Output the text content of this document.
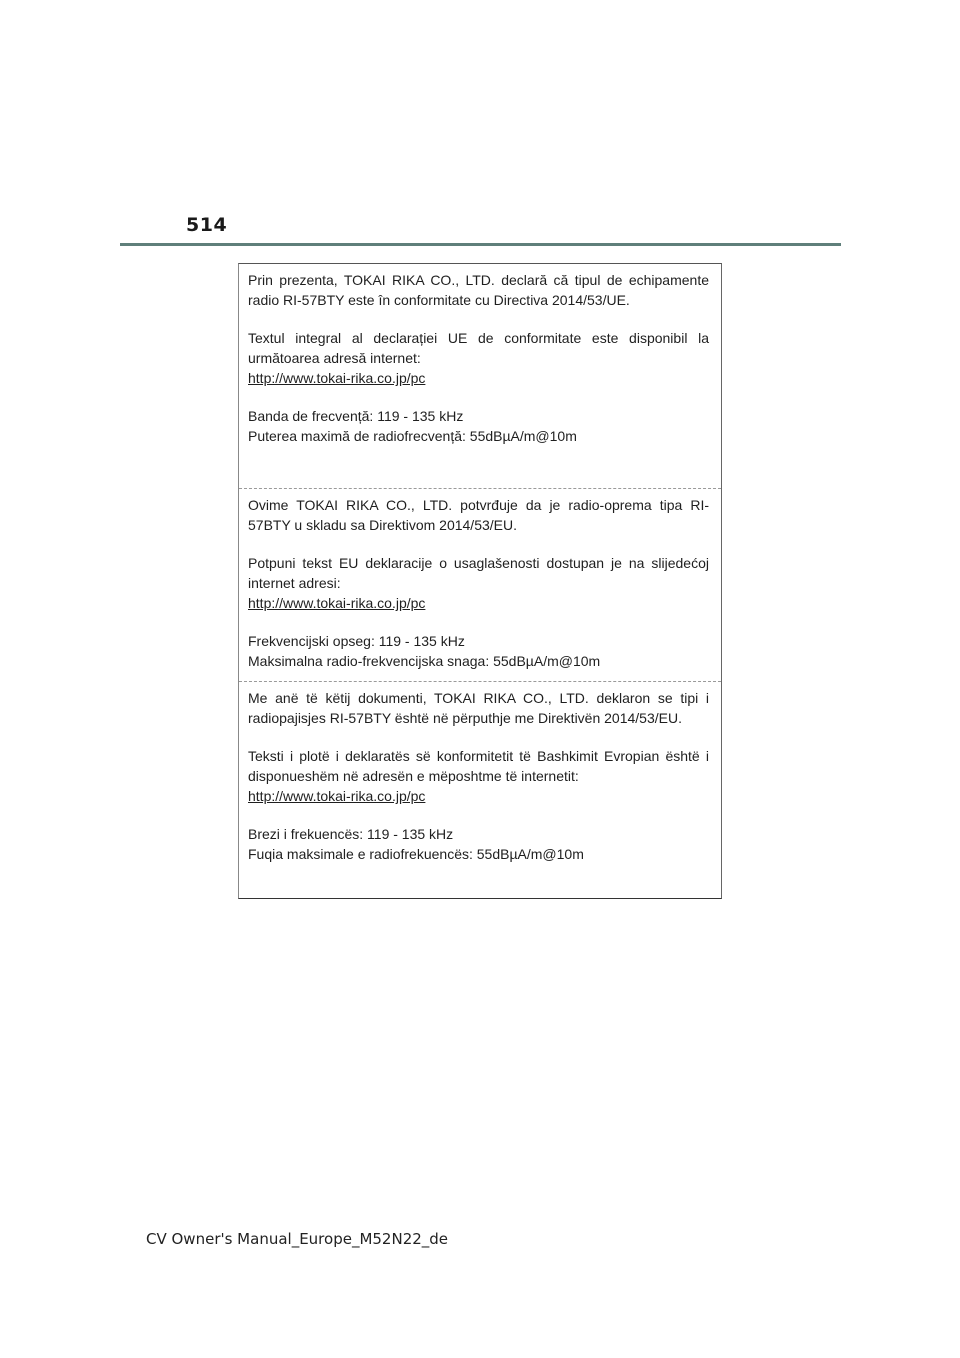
514

Prin prezenta, TOKAI RIKA CO., LTD. declară că tipul de echipamente radio RI-57BTY este în conformitate cu Directiva 2014/53/UE.

Textul integral al declarației UE de conformitate este disponibil la următoarea adresă internet:

http://www.tokai-rika.co.jp/pc
Banda de frecvență: 119 - 135 kHz
Puterea maximă de radiofrecvență: 55dBµA/m@10m

Ovime TOKAI RIKA CO., LTD. potvrđuje da je radio-oprema tipa RI-57BTY u skladu sa Direktivom 2014/53/EU.

Potpuni tekst EU deklaracije o usaglašenosti dostupan je na slijedećoj internet adresi:

http://www.tokai-rika.co.jp/pc
Frekvencijski opseg: 119 - 135 kHz
Maksimalna radio-frekvencijska snaga: 55dBµA/m@10m

Me anë të këtij dokumenti, TOKAI RIKA CO., LTD. deklaron se tipi i radiopajisjes RI-57BTY është në përputhje me Direktivën 2014/53/EU.

Teksti i plotë i deklaratës së konformitetit të Bashkimit Evropian është i disponueshëm në adresën e mëposhtme të internetit:

http://www.tokai-rika.co.jp/pc
Brezi i frekuencës: 119 - 135 kHz
Fuqia maksimale e radiofrekuencës: 55dBµA/m@10m
CV Owner's Manual_Europe_M52N22_de
